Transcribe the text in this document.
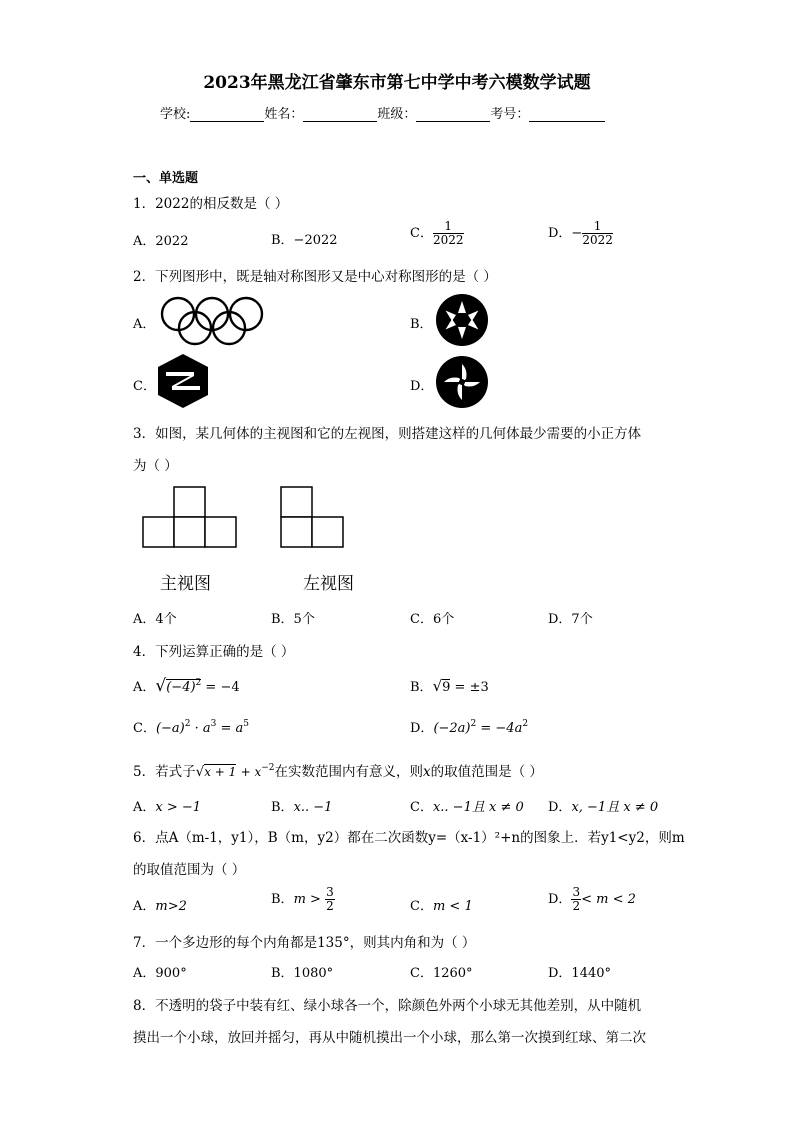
2023年黑龙江省肇东市第七中学中考六模数学试题
学校:	姓名：	班级：	考号：
一、单选题
1．2022的相反数是（ ）
A．2022	B．−2022	C． $\frac{1}{2022}$	D．− $\frac{1}{2022}$
2．下列图形中，既是轴对称图形又是中心对称图形的是（ ）
A．	B．
C．	D．
3．如图，某几何体的主视图和它的左视图，则搭建这样的几何体最少需要的小正方体
为（ ）
主视图	左视图
A．4个	B．5个	C．6个	D．7个
4．下列运算正确的是（ ）
A．$√(-4)^2 = -4$	B．√9 = ±3
C．$(-a)^2 \cdot a^3 = a^5$	D．$(-2a)^2 = -4a^2$
5．若式子$√x + 1 + x^{-2}$在实数范围内有意义，则x的取值范围是（ ）
A．x > −1	B．x.. −1	C．x.. −1且 x ≠ 0 D．x, −1且 x ≠ 0
6．点A（m-1，y1），B（m，y2）都在二次函数y=（x-1）²+n的图象上．若y1<y2，则m
的取值范围为（ ）
A．m>2	B．$m > \frac{3}{2}$	C．m < 1	D． $\frac{3}{2} < m < 2$
7．一个多边形的每个内角都是135°，则其内角和为（ ）
A．900°	B．1080°	C．1260°	D．1440°
8．不透明的袋子中装有红、绿小球各一个，除颜色外两个小球无其他差别，从中随机
摸出一个小球，放回并摇匀，再从中随机摸出一个小球，那么第一次摸到红球、第二次
